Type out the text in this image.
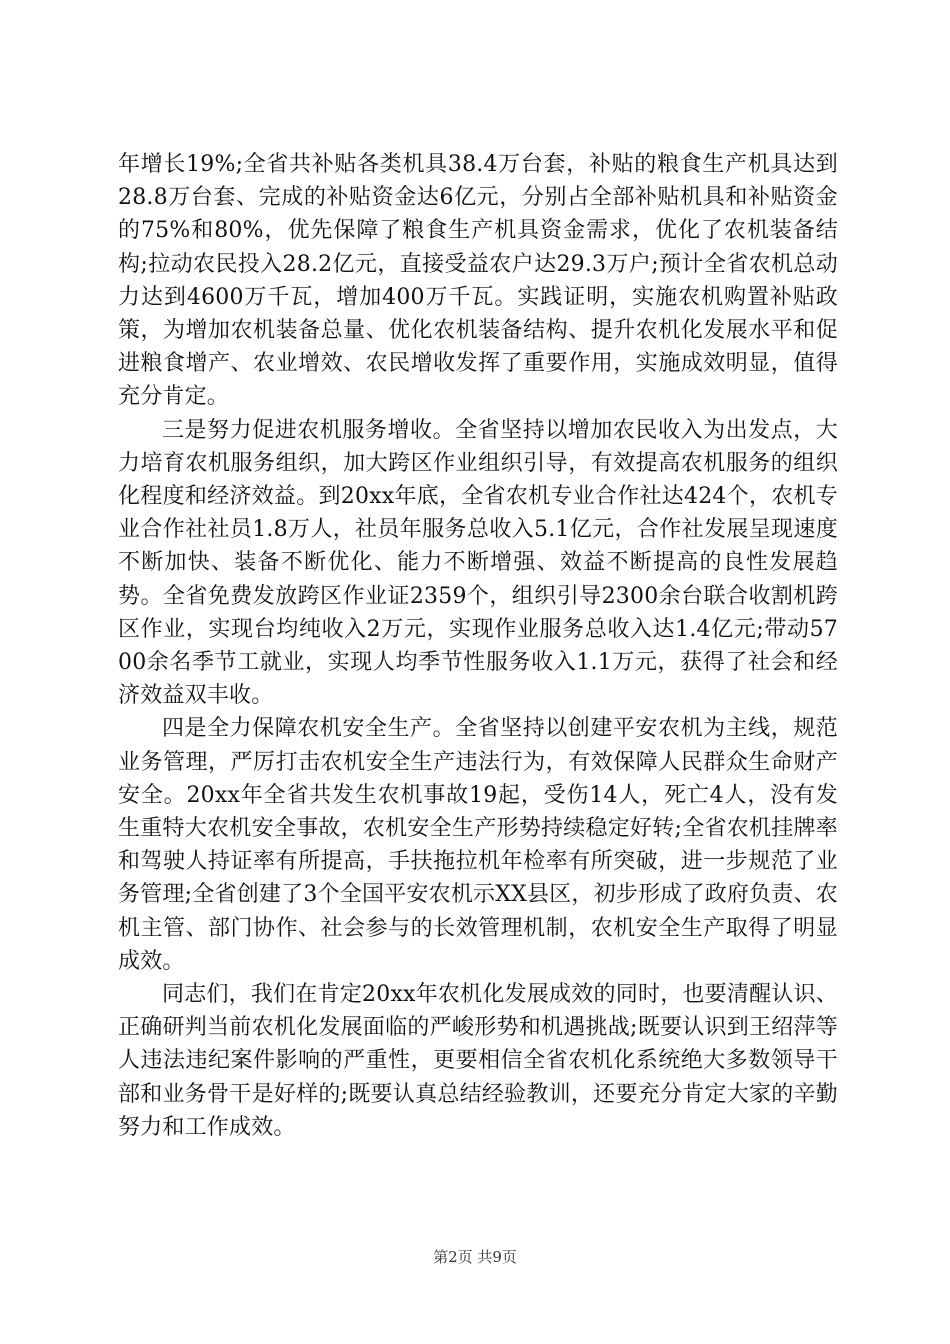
年增长19%;全省共补贴各类机具38.4万台套，补贴的粮食生产机具达到28.8万台套、完成的补贴资金达6亿元，分别占全部补贴机具和补贴资金的75%和80%，优先保障了粮食生产机具资金需求，优化了农机装备结构;拉动农民投入28.2亿元，直接受益农户达29.3万户;预计全省农机总动力达到4600万千瓦，增加400万千瓦。实践证明，实施农机购置补贴政策，为增加农机装备总量、优化农机装备结构、提升农机化发展水平和促进粮食增产、农业增效、农民增收发挥了重要作用，实施成效明显，值得充分肯定。

三是努力促进农机服务增收。全省坚持以增加农民收入为出发点，大力培育农机服务组织，加大跨区作业组织引导，有效提高农机服务的组织化程度和经济效益。到20xx年底，全省农机专业合作社达424个，农机专业合作社社员1.8万人，社员年服务总收入5.1亿元，合作社发展呈现速度不断加快、装备不断优化、能力不断增强、效益不断提高的良性发展趋势。全省免费发放跨区作业证2359个，组织引导2300余台联合收割机跨区作业，实现台均纯收入2万元，实现作业服务总收入达1.4亿元;带动5700余名季节工就业，实现人均季节性服务收入1.1万元，获得了社会和经济效益双丰收。

四是全力保障农机安全生产。全省坚持以创建平安农机为主线，规范业务管理，严厉打击农机安全生产违法行为，有效保障人民群众生命财产安全。20xx年全省共发生农机事故19起，受伤14人，死亡4人，没有发生重特大农机安全事故，农机安全生产形势持续稳定好转;全省农机挂牌率和驾驶人持证率有所提高，手扶拖拉机年检率有所突破，进一步规范了业务管理;全省创建了3个全国平安农机示XX县区，初步形成了政府负责、农机主管、部门协作、社会参与的长效管理机制，农机安全生产取得了明显成效。

同志们，我们在肯定20xx年农机化发展成效的同时，也要清醒认识、正确研判当前农机化发展面临的严峻形势和机遇挑战;既要认识到王绍萍等人违法违纪案件影响的严重性，更要相信全省农机化系统绝大多数领导干部和业务骨干是好样的;既要认真总结经验教训，还要充分肯定大家的辛勤努力和工作成效。

第2页 共9页
